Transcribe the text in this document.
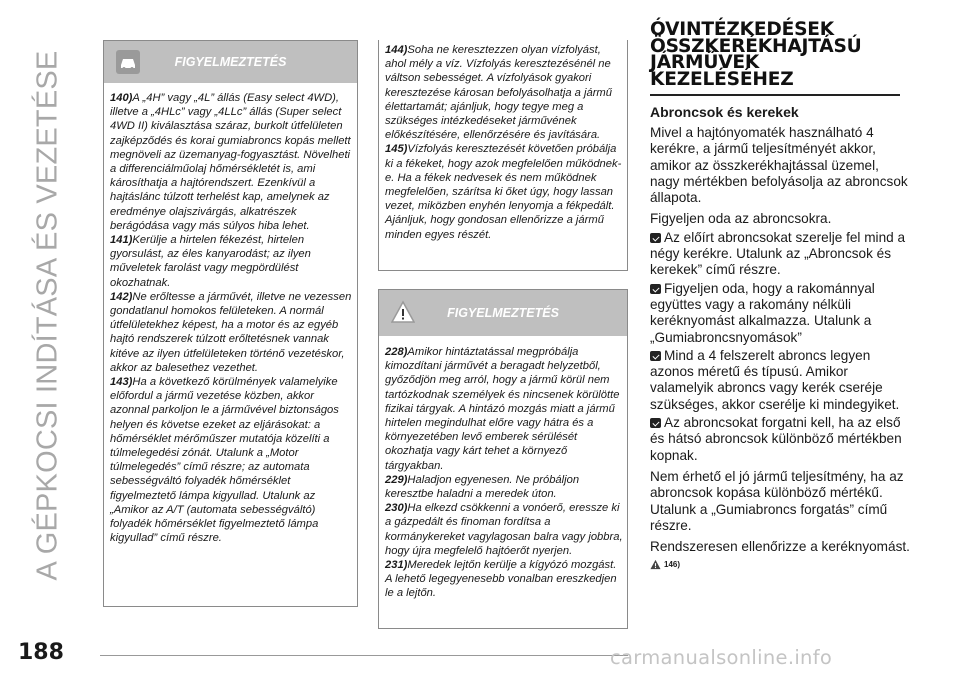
A GÉPKOCSI INDÍTÁSA ÉS VEZETÉSE	FIGYELMEZTETÉS

140)A „4H” vagy „4L” állás (Easy select 4WD), illetve a „4HLc” vagy „4LLc” állás (Super select 4WD II) kiválasztása száraz, burkolt útfelületen zajképződés és korai gumiabroncs kopás mellett megnöveli az üzemanyag-fogyasztást. Növelheti a differenciálműolaj hőmérsékletét is, ami károsíthatja a hajtórendszert. Ezenkívül a hajtáslánc túlzott terhelést kap, amelynek az eredménye olajszivárgás, alkatrészek berágódása vagy más súlyos hiba lehet.

141)Kerülje a hirtelen fékezést, hirtelen gyorsulást, az éles kanyarodást; az ilyen műveletek farolást vagy megpördülést okozhatnak.

142)Ne erőltesse a járművét, illetve ne vezessen gondatlanul homokos felületeken. A normál útfelületekhez képest, ha a motor és az egyéb hajtó rendszerek túlzott erőltetésnek vannak kitéve az ilyen útfelületeken történő vezetéskor, akkor az balesethez vezethet.

143)Ha a következő körülmények valamelyike előfordul a jármű vezetése közben, akkor azonnal parkoljon le a járművével biztonságos helyen és követse ezeket az eljárásokat: a hőmérséklet mérőműszer mutatója közelíti a túlmelegedési zónát. Utalunk a „Motor túlmelegedés” című részre; az automata sebességváltó folyadék hőmérséklet figyelmeztető lámpa kigyullad. Utalunk az „Amikor az A/T (automata sebességváltó) folyadék hőmérséklet figyelmeztető lámpa kigyullad” című részre.

144)Soha ne keresztezzen olyan vízfolyást, ahol mély a víz. Vízfolyás keresztezésénél ne váltson sebességet. A vízfolyások gyakori keresztezése károsan befolyásolhatja a jármű élettartamát; ajánljuk, hogy tegye meg a szükséges intézkedéseket járművének előkészítésére, ellenőrzésére és javítására.

145)Vízfolyás keresztezését követően próbálja ki a fékeket, hogy azok megfelelően működnek-e. Ha a fékek nedvesek és nem működnek megfelelően, szárítsa ki őket úgy, hogy lassan vezet, miközben enyhén lenyomja a fékpedált. Ajánljuk, hogy gondosan ellenőrizze a jármű minden egyes részét.

FIGYELMEZTETÉS

228)Amikor hintáztatással megpróbálja kimozdítani járművét a beragadt helyzetből, győződjön meg arról, hogy a jármű körül nem tartózkodnak személyek és nincsenek körülötte fizikai tárgyak. A hintázó mozgás miatt a jármű hirtelen megindulhat előre vagy hátra és a környezetében levő emberek sérülését okozhatja vagy kárt tehet a környező tárgyakban.

229)Haladjon egyenesen. Ne próbáljon keresztbe haladni a meredek úton.

230)Ha elkezd csökkenni a vonóerő, eressze ki a gázpedált és finoman fordítsa a kormánykereket vagylagosan balra vagy jobbra, hogy újra megfelelő hajtóerőt nyerjen.

231)Meredek lejtőn kerülje a kígyózó mozgást. A lehető legegyenesebb vonalban ereszkedjen le a lejtőn.

ÓVINTÉZKEDÉSEK
ÖSSZKERÉKHAJTÁSÚ
JÁRMŰVEK
KEZELÉSÉHEZ
Abroncsok és kerekek
Mivel a hajtónyomaték használható 4 kerékre, a jármű teljesítményét akkor, amikor az összkerékhajtással üzemel, nagy mértékben befolyásolja az abroncsok állapota.
Figyeljen oda az abroncsokra.
Az előírt abroncsokat szerelje fel mind a négy kerékre. Utalunk az „Abroncsok és kerekek” című részre.
Figyeljen oda, hogy a rakománnyal együttes vagy a rakomány nélküli keréknyomást alkalmazza. Utalunk a „Gumiabroncsnyomások”
Mind a 4 felszerelt abroncs legyen azonos méretű és típusú. Amikor valamelyik abroncs vagy kerék cseréje szükséges, akkor cserélje ki mindegyiket.
Az abroncsokat forgatni kell, ha az első és hátsó abroncsok különböző mértékben kopnak.
Nem érhető el jó jármű teljesítmény, ha az abroncsok kopása különböző mértékű. Utalunk a „Gumiabroncs forgatás” című részre.
Rendszeresen ellenőrizze a keréknyomást.
146)
188	carmanualsonline.info
